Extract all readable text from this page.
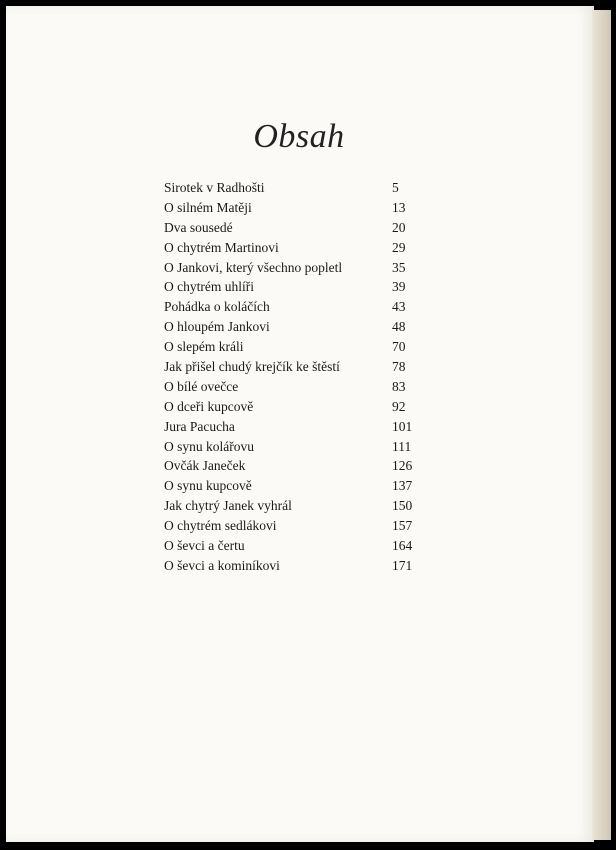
Obsah
Sirotek v Radhošti	5
O silném Matěji	13
Dva sousedé	20
O chytrém Martinovi	29
O Jankovi, který všechno popletl	35
O chytrém uhlíři	39
Pohádka o koláčích	43
O hloupém Jankovi	48
O slepém králi	70
Jak přišel chudý krejčík ke štěstí	78
O bílé ovečce	83
O dceři kupcově	92
Jura Pacucha	101
O synu kolářovu	111
Ovčák Janeček	126
O synu kupcově	137
Jak chytrý Janek vyhrál	150
O chytrém sedlákovi	157
O ševci a čertu	164
O ševci a kominíkovi	171
